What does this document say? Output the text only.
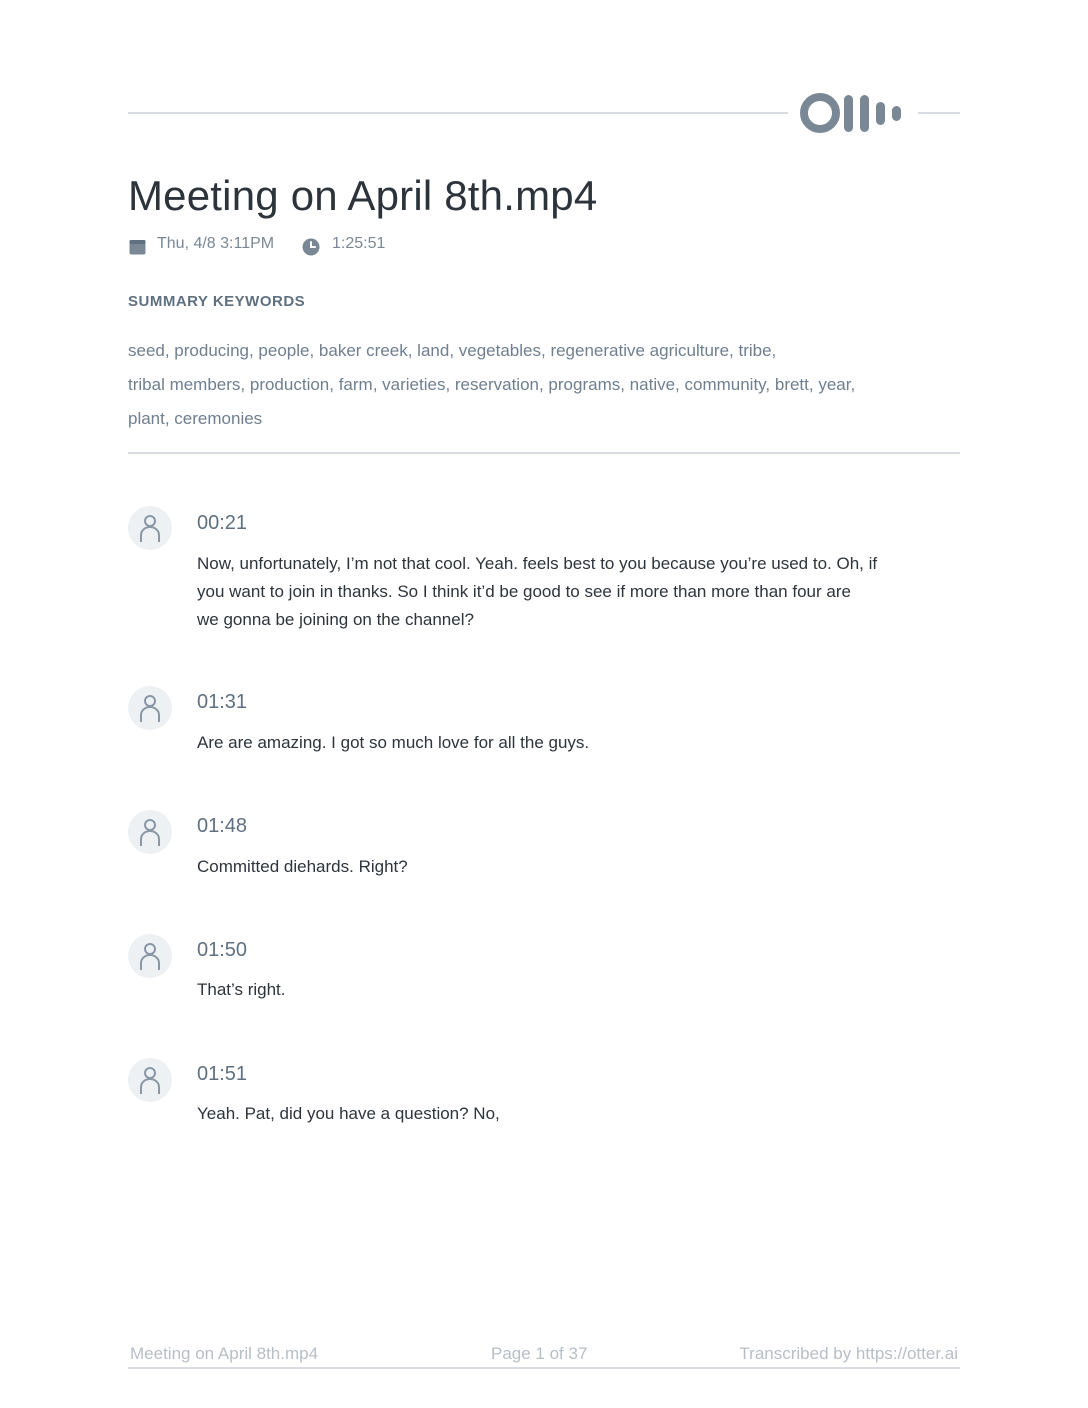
Meeting on April 8th.mp4
Thu, 4/8 3:11PM	1:25:51
SUMMARY KEYWORDS
seed, producing, people, baker creek, land, vegetables, regenerative agriculture, tribe,
tribal members, production, farm, varieties, reservation, programs, native, community, brett, year,
plant, ceremonies
00:21
Now, unfortunately, I’m not that cool. Yeah. feels best to you because you’re used to. Oh, if
you want to join in thanks. So I think it’d be good to see if more than more than four are
we gonna be joining on the channel?
01:31
Are are amazing. I got so much love for all the guys.
01:48
Committed diehards. Right?
01:50
That’s right.
01:51
Yeah. Pat, did you have a question? No,
Meeting on April 8th.mp4	Page 1 of 37	Transcribed by https://otter.ai
